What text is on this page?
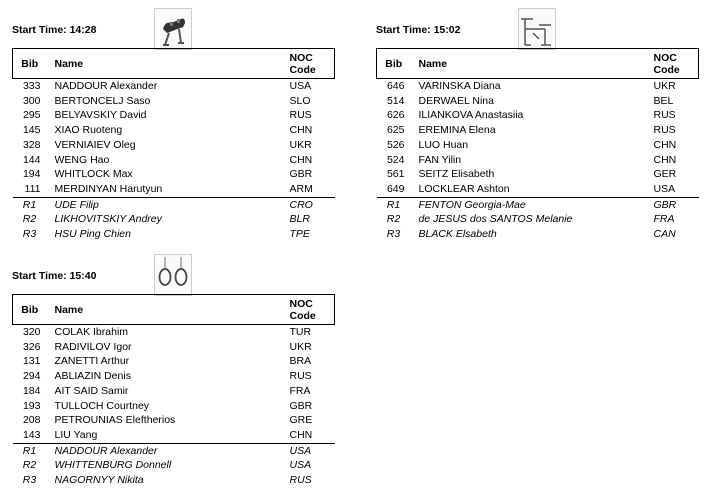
Start Time: 14:28
Bib	Name	NOC
Code
333	NADDOUR Alexander	USA
300	BERTONCELJ Saso	SLO
295	BELYAVSKIY David	RUS
145	XIAO Ruoteng	CHN
328	VERNIAIEV Oleg	UKR
144	WENG Hao	CHN
194	WHITLOCK Max	GBR
111	MERDINYAN Harutyun	ARM
R1	UDE Filip	CRO
R2	LIKHOVITSKIY Andrey	BLR
R3	HSU Ping Chien	TPE
Start Time: 15:02
Bib	Name	NOC
Code
646	VARINSKA Diana	UKR
514	DERWAEL Nina	BEL
626	ILIANKOVA Anastasiia	RUS
625	EREMINA Elena	RUS
526	LUO Huan	CHN
524	FAN Yilin	CHN
561	SEITZ Elisabeth	GER
649	LOCKLEAR Ashton	USA
R1	FENTON Georgia-Mae	GBR
R2	de JESUS dos SANTOS Melanie	FRA
R3	BLACK Elsabeth	CAN
Start Time: 15:40
Bib	Name	NOC
Code
320	COLAK Ibrahim	TUR
326	RADIVILOV Igor	UKR
131	ZANETTI Arthur	BRA
294	ABLIAZIN Denis	RUS
184	AIT SAID Samir	FRA
193	TULLOCH Courtney	GBR
208	PETROUNIAS Eleftherios	GRE
143	LIU Yang	CHN
R1	NADDOUR Alexander	USA
R2	WHITTENBURG Donnell	USA
R3	NAGORNYY Nikita	RUS
